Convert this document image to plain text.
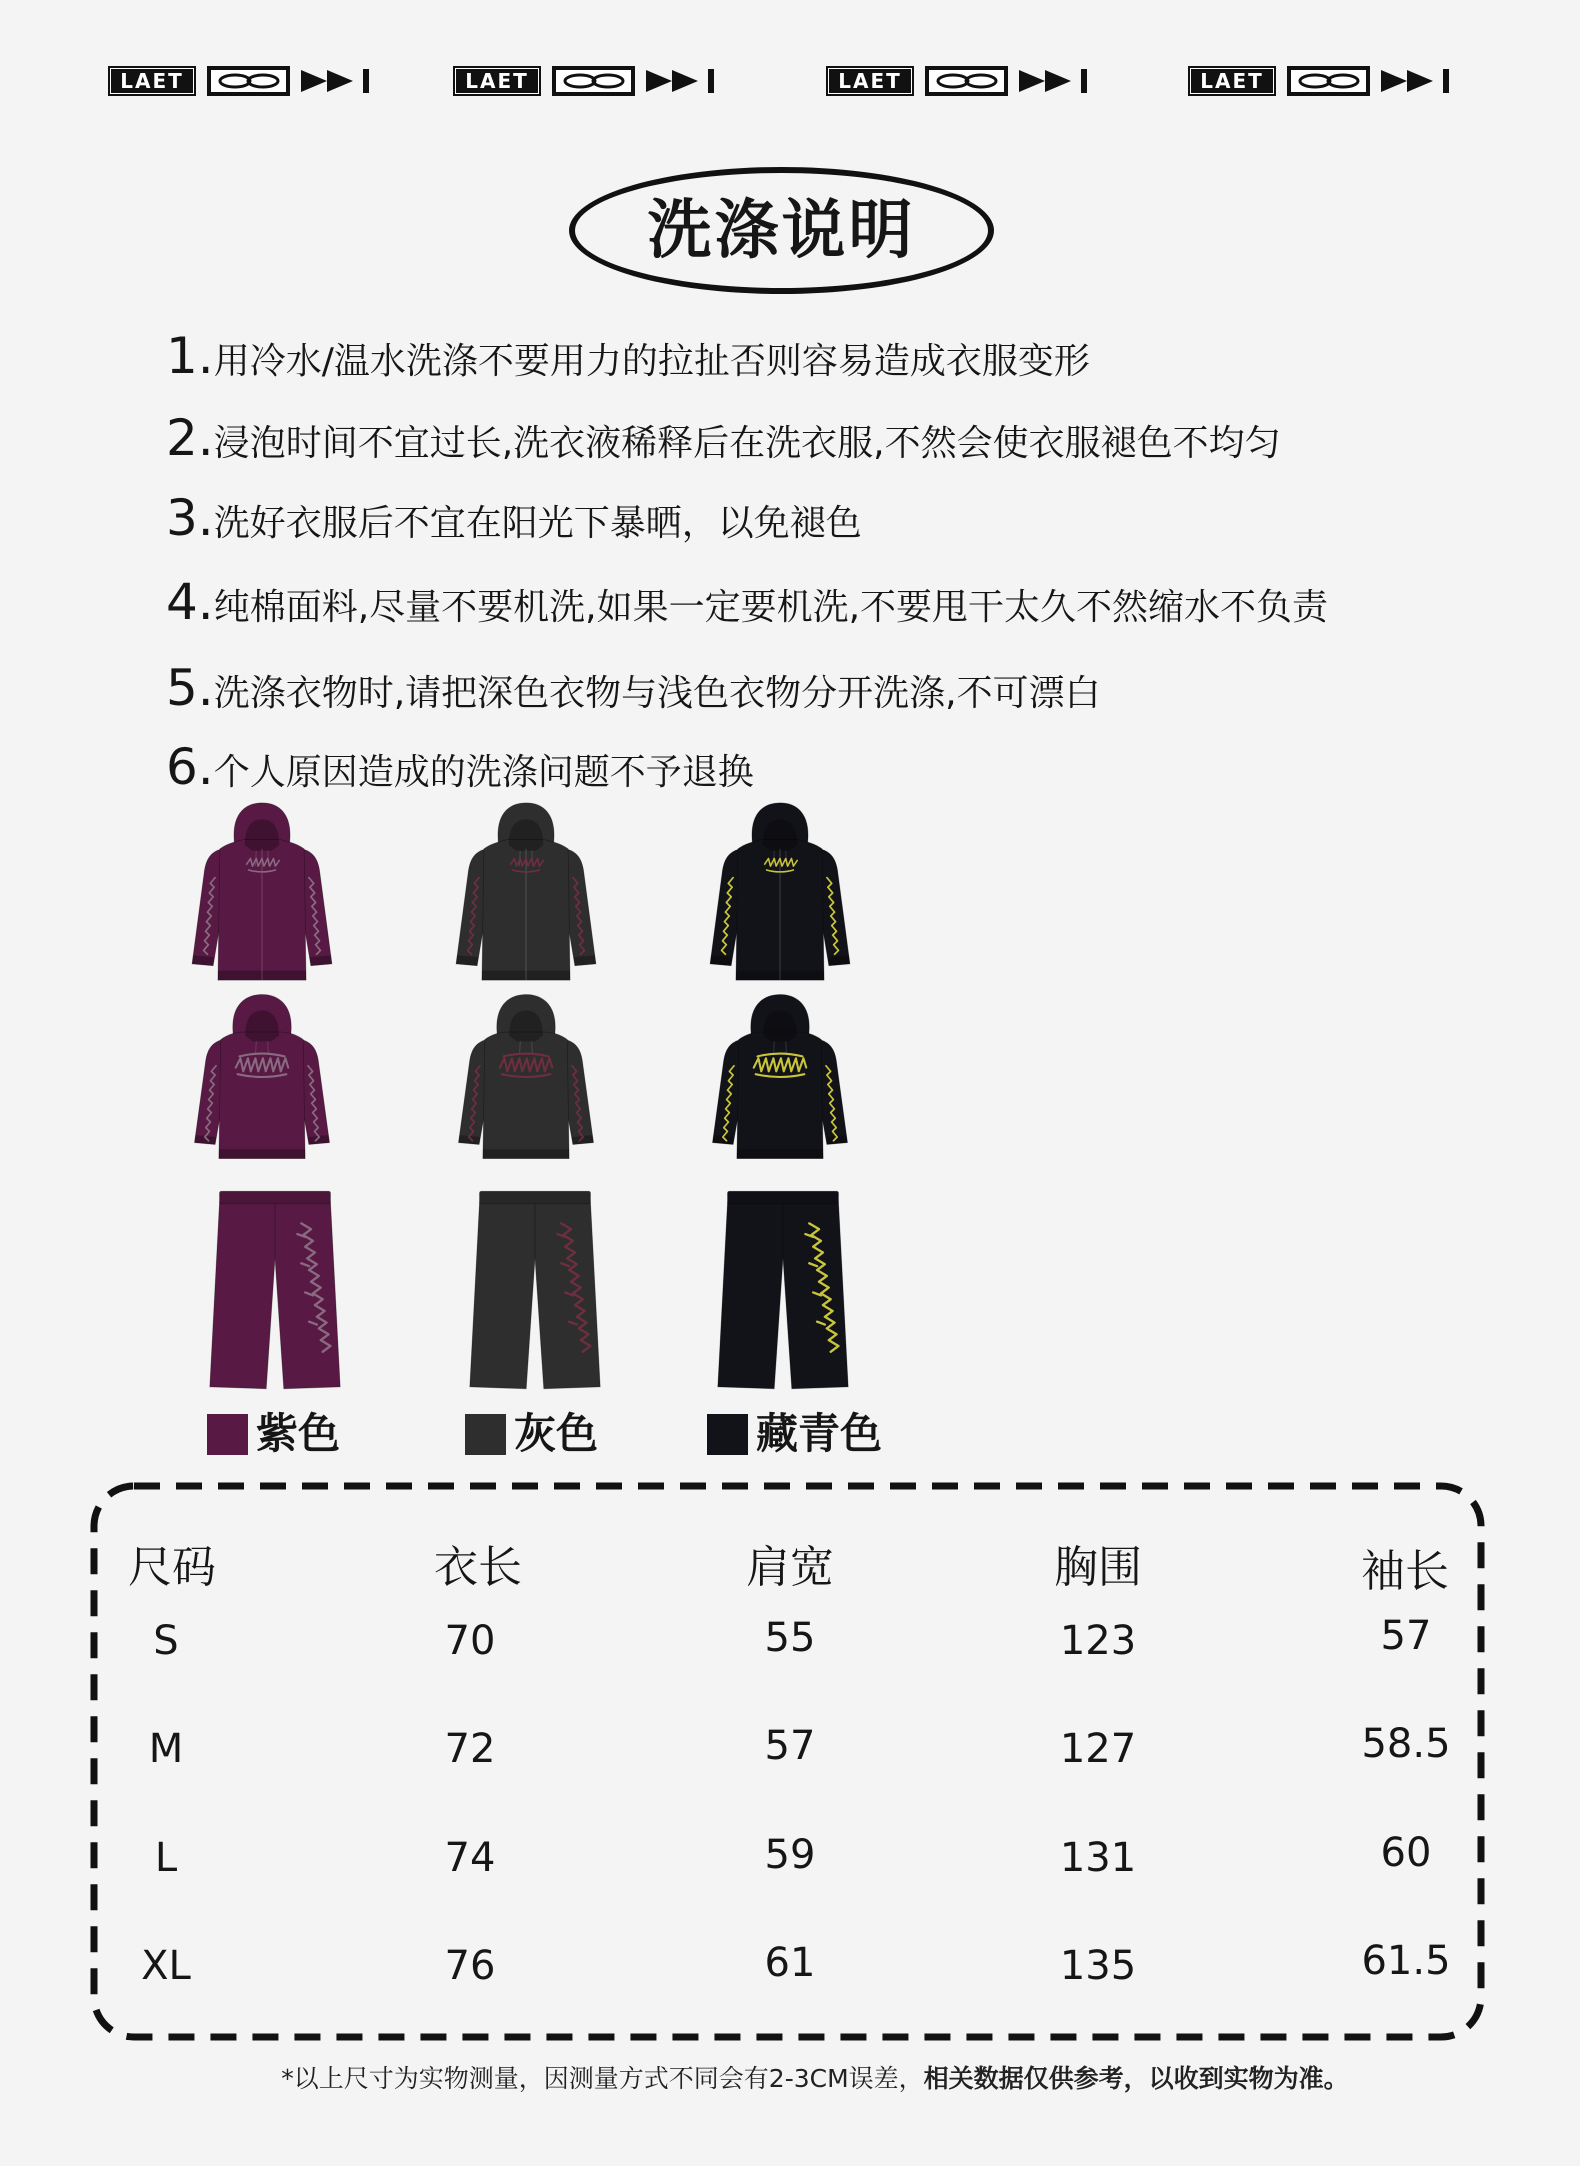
LAET	LAET	LAET	LAET
洗涤说明
1. 用冷水/温水洗涤不要用力的拉扯否则容易造成衣服变形
2. 浸泡时间不宜过长,洗衣液稀释后在洗衣服,不然会使衣服褪色不均匀
3. 洗好衣服后不宜在阳光下暴晒，以免褪色
4. 纯棉面料,尽量不要机洗,如果一定要机洗,不要甩干太久不然缩水不负责
5. 洗涤衣物时,请把深色衣物与浅色衣物分开洗涤,不可漂白
6. 个人原因造成的洗涤问题不予退换
紫色	灰色	藏青色
尺码	衣长	肩宽	胸围	袖长
S	70	55	123	57
M	72	57	127	58.5
L	74	59	131	60
XL	76	61	135	61.5
*以上尺寸为实物测量，因测量方式不同会有2-3CM误差，相关数据仅供参考，以收到实物为准。
